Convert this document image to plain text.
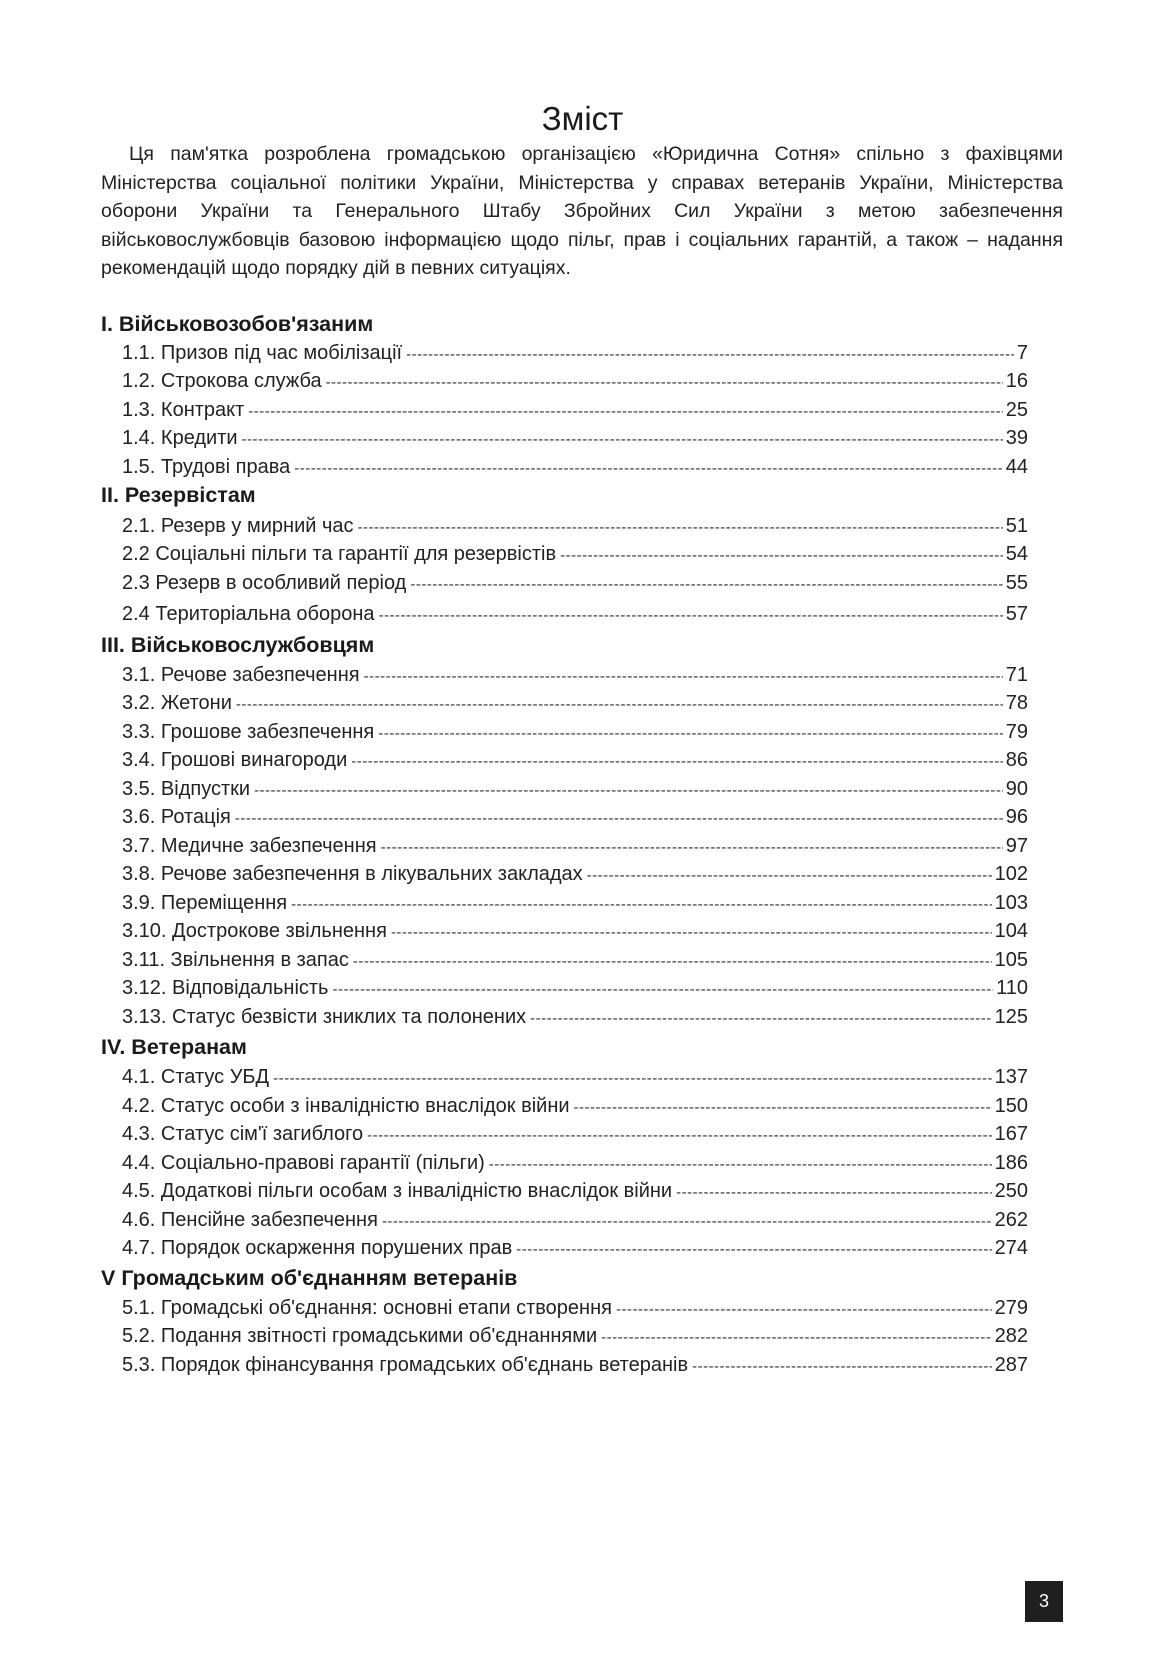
Зміст

Ця пам'ятка розроблена громадською організацією «Юридична Сотня» спільно з фахівцями Міністерства соціальної політики України, Міністерства у справах ветеранів України, Міністерства оборони України та Генерального Штабу Збройних Сил України з метою забезпечення військовослужбовців базовою інформацією щодо пільг, прав і соціальних гарантій, а також – надання рекомендацій щодо порядку дій в певних ситуаціях.

I. Військовозобов'язаним
1.1. Призов під час мобілізації -----	7
1.2. Строкова служба -----	16
1.3. Контракт -----	25
1.4. Кредити -----	39
1.5. Трудові права -----	44
II. Резервістам
2.1. Резерв у мирний час -----	51
2.2 Соціальні пільги та гарантії для резервістів -----	54
2.3 Резерв в особливий період -----	55
2.4 Територіальна оборона -----	57
III. Військовослужбовцям
3.1. Речове забезпечення -----	71
3.2. Жетони -----	78
3.3. Грошове забезпечення -----	79
3.4. Грошові винагороди -----	86
3.5. Відпустки -----	90
3.6. Ротація -----	96
3.7. Медичне забезпечення -----	97
3.8. Речове забезпечення в лікувальних закладах -----	102
3.9. Переміщення -----	103
3.10. Дострокове звільнення -----	104
3.11. Звільнення в запас -----	105
3.12. Відповідальність -----	110
3.13. Статус безвісти зниклих та полонених -----	125
IV. Ветеранам
4.1. Статус УБД -----	137
4.2. Статус особи з інвалідністю внаслідок війни -----	150
4.3. Статус сім'ї загиблого -----	167
4.4. Соціально-правові гарантії (пільги) -----	186
4.5. Додаткові пільги особам з інвалідністю внаслідок війни -----	250
4.6. Пенсійне забезпечення -----	262
4.7. Порядок оскарження порушених прав -----	274
V Громадським об'єднанням ветеранів
5.1. Громадські об'єднання: основні етапи створення -----	279
5.2. Подання звітності громадськими об'єднаннями -----	282
5.3. Порядок фінансування громадських об'єднань ветеранів -----	287
3
